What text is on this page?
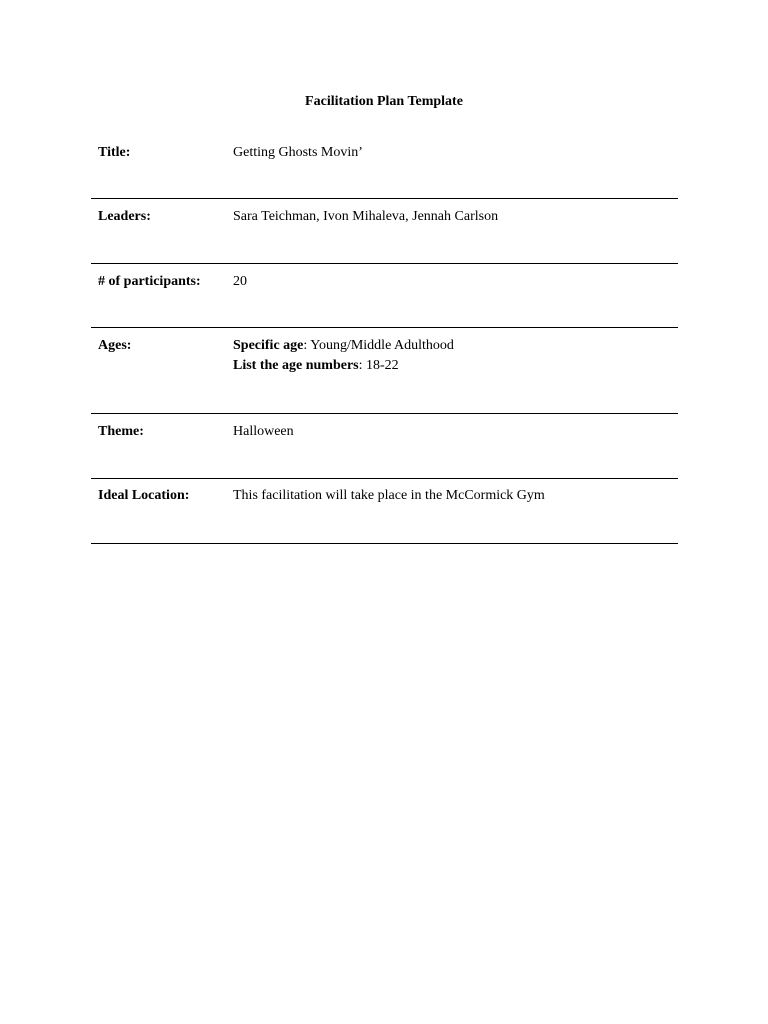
Facilitation Plan Template
Title:	Getting Ghosts Movin’
Leaders:	Sara Teichman, Ivon Mihaleva, Jennah Carlson
# of participants: 20
Ages:	Specific age: Young/Middle Adulthood
List the age numbers: 18-22
Theme:	Halloween
Ideal Location:	This facilitation will take place in the McCormick Gym
